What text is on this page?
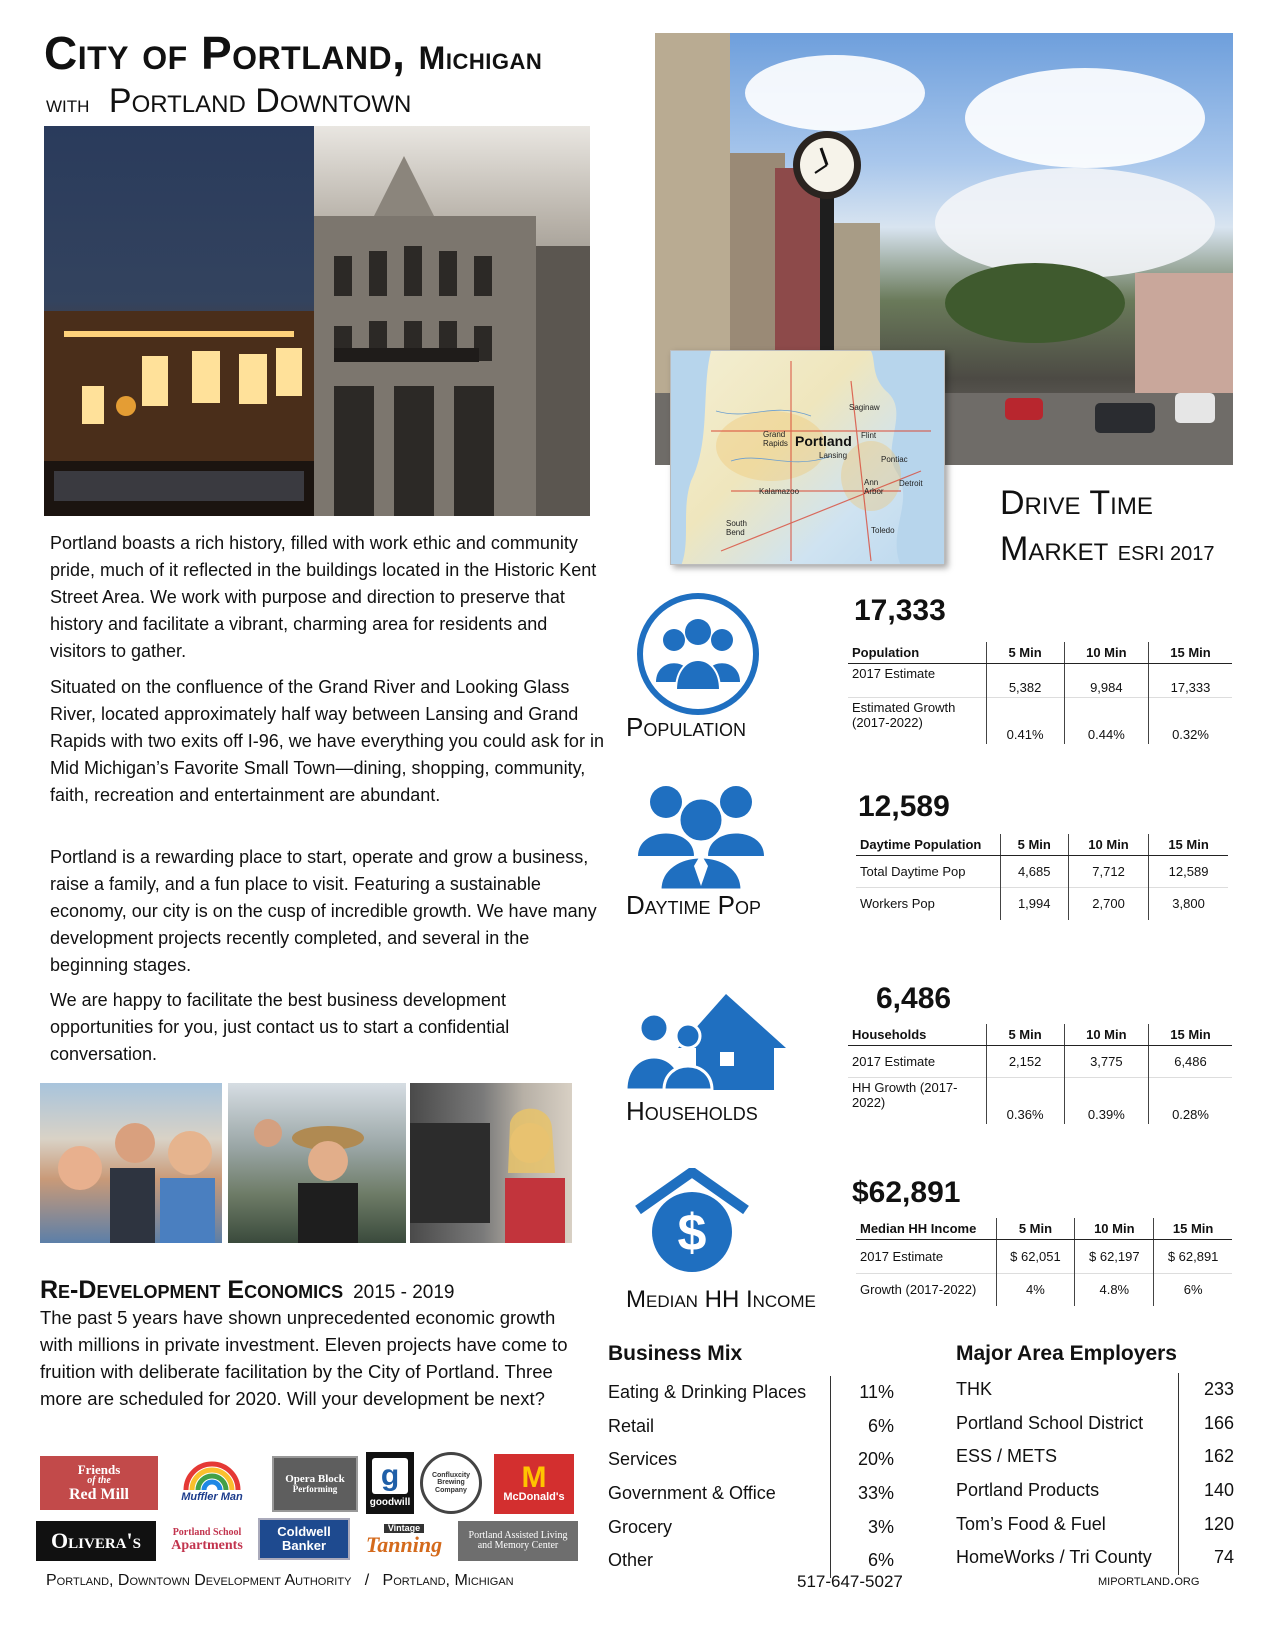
City of Portland, Michigan
with Portland Downtown
Saginaw
Flint
Grand Rapids Portland
Lansing	Pontiac
Kalamazoo
Ann Arbor
Detroit
South Bend	Toledo
Drive Time
Market ESRI 2017

Portland boasts a rich history, filled with work ethic and community pride, much of it reflected in the buildings located in the Historic Kent Street Area. We work with purpose and direction to preserve that history and facilitate a vibrant, charming area for residents and visitors to gather.

Situated on the confluence of the Grand River and Looking Glass River, located approximately half way between Lansing and Grand Rapids with two exits off I-96, we have everything you could ask for in Mid Michigan’s Favorite Small Town—dining, shopping, community, faith, recreation and entertainment are abundant.

Portland is a rewarding place to start, operate and grow a business, raise a family, and a fun place to visit. Featuring a sustainable economy, our city is on the cusp of incredible growth. We have many development projects recently completed, and several in the beginning stages.

We are happy to facilitate the best business development opportunities for you, just contact us to start a confidential conversation.

Re-Development Economics 2015 - 2019

The past 5 years have shown unprecedented economic growth with millions in private investment. Eleven projects have come to fruition with deliberate facilitation by the City of Portland. Three more are scheduled for 2020. Will your development be next?

Friends
of the
Red Mill	Muffler Man
Opera Block
Performing g
goodwill
Confluxcity Brewing Company M
McDonald's
Olivera's	Portland School
Apartments
Coldwell
Banker
Vintage
Tanning	Portland Assisted Living and Memory Center
Population
17,333
Population	5 Min	10 Min	15 Min
2017 Estimate	5,382	9,984	17,333
Estimated Growth (2017-2022)	0.41%	0.44%	0.32%
Daytime Pop
12,589
Daytime Population	5 Min	10 Min	15 Min
Total Daytime Pop	4,685	7,712	12,589
Workers Pop	1,994	2,700	3,800
Households
6,486
Households	5 Min	10 Min	15 Min
2017 Estimate	2,152	3,775	6,486
HH Growth (2017-2022)	0.36%	0.39%	0.28%
$
Median HH Income
$62,891
Median HH Income	5 Min	10 Min	15 Min
2017 Estimate	$ 62,051	$ 62,197	$ 62,891
Growth (2017-2022)	4%	4.8%	6%
Business Mix
Eating & Drinking Places	11%
Retail	6%
Services	20%
Government & Office	33%
Grocery	3%
Other	6%
Major Area Employers
THK	233
Portland School District	166
ESS / METS	162
Portland Products	140
Tom’s Food & Fuel	120
HomeWorks / Tri County	74
Portland, Downtown Development Authority   /   Portland, Michigan	517-647-5027	miportland.org
